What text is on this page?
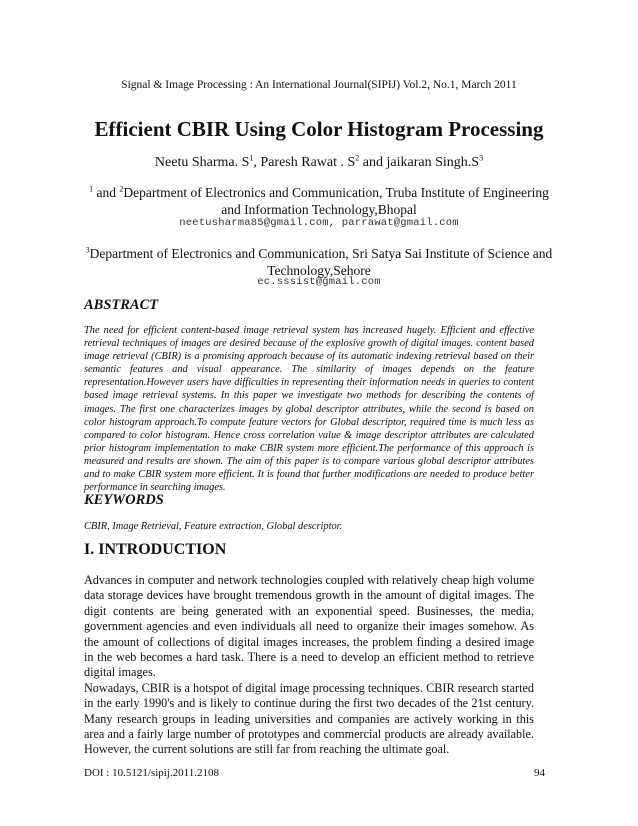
Signal & Image Processing : An International Journal(SIPIJ) Vol.2, No.1, March 2011
Efficient CBIR Using Color Histogram Processing
Neetu Sharma. $S^1$, Paresh Rawat . $S^2$ and jaikaran $Singh.S^3$
$^1$ and $^2$Department of Electronics and Communication, Truba Institute of Engineering and Information Technology,Bhopal
neetusharma85@gmail.com, parrawat@gmail.com
$^3$Department of Electronics and Communication, Sri Satya Sai Institute of Science and Technology,Sehore
ec.sssist@gmail.com
ABSTRACT
The need for efficient content-based image retrieval system has increased hugely. Efficient and effective retrieval techniques of images are desired because of the explosive growth of digital images. content based image retrieval (CBIR) is a promising approach because of its automatic indexing retrieval based on their semantic features and visual appearance. The similarity of images depends on the feature representation.However users have difficulties in representing their information needs in queries to content based image retrieval systems. In this paper we investigate two methods for describing the contents of images. The first one characterizes images by global descriptor attributes, while the second is based on color histogram approach.To compute feature vectors for Global descriptor, required time is much less as compared to color histogram. Hence cross correlation value & image descriptor attributes are calculated prior histogram implementation to make CBIR system more efficient.The performance of this approach is measured and results are shown. The aim of this paper is to compare various global descriptor attributes and to make CBIR system more efficient. It is found that further modifications are needed to produce better performance in searching images.
KEYWORDS
CBIR, Image Retrieval, Feature extraction, Global descriptor.
I. INTRODUCTION

Advances in computer and network technologies coupled with relatively cheap high volume data storage devices have brought tremendous growth in the amount of digital images. The digit contents are being generated with an exponential speed. Businesses, the media, government agencies and even individuals all need to organize their images somehow. As the amount of collections of digital images increases, the problem finding a desired image in the web becomes a hard task. There is a need to develop an efficient method to retrieve digital images.

Nowadays, CBIR is a hotspot of digital image processing techniques. CBIR research started in the early 1990's and is likely to continue during the first two decades of the 21st century. Many research groups in leading universities and companies are actively working in this area and a fairly large number of prototypes and commercial products are already available. However, the current solutions are still far from reaching the ultimate goal.

DOI : 10.5121/sipij.2011.2108	94
